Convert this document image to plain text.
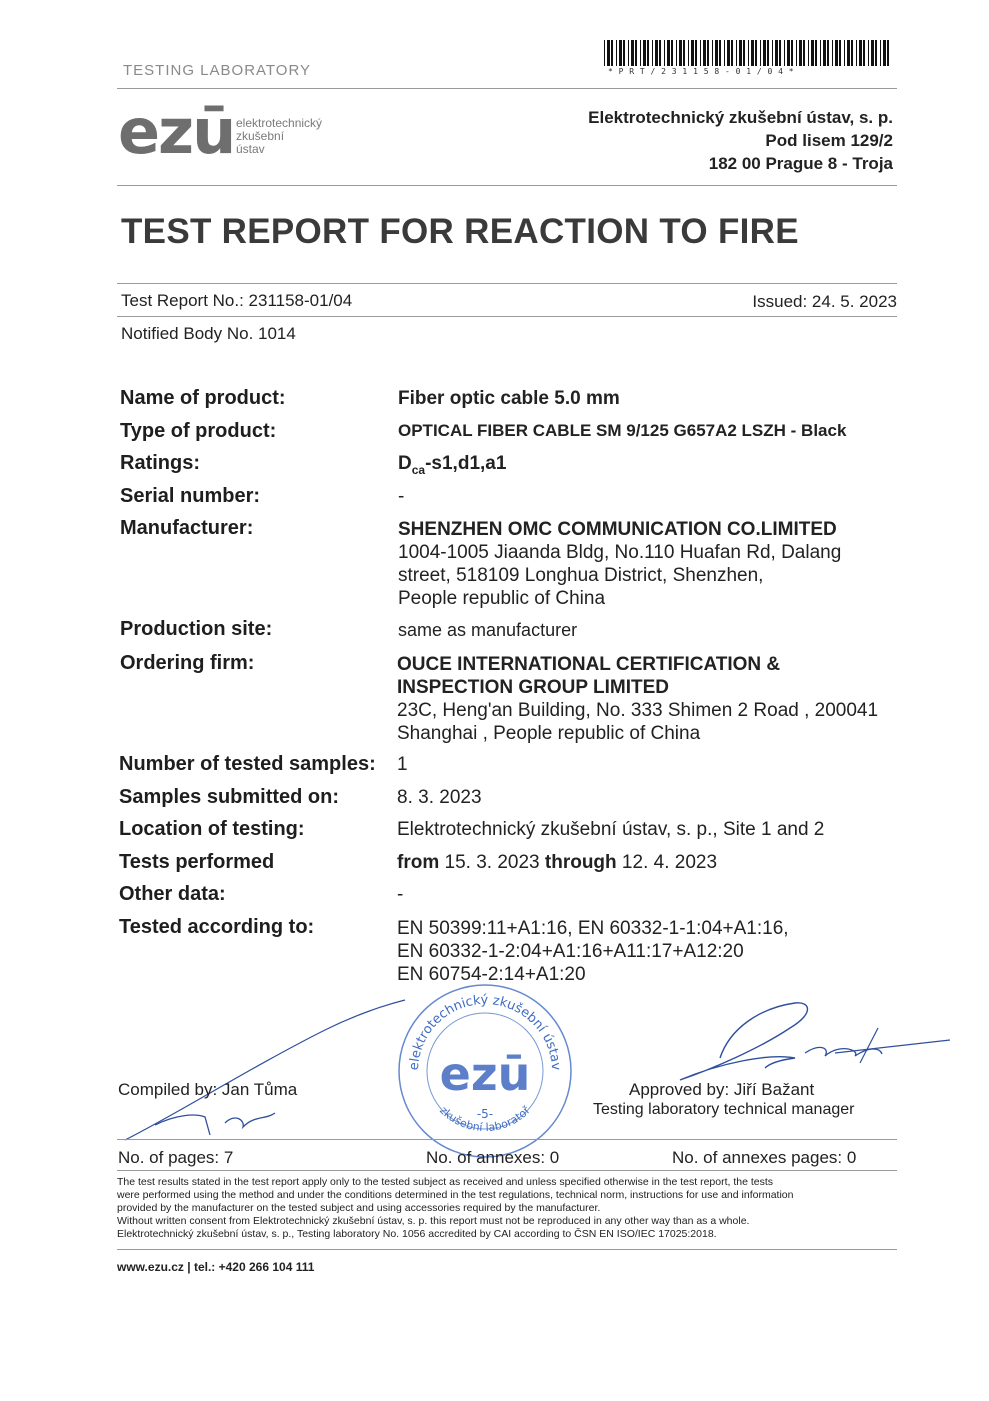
TESTING LABORATORY	* P R T / 2 3 1 1 5 8 - 0 1 / 0 4 *
ezū elektrotechnický
zkušební
ústav
Elektrotechnický zkušební ústav, s. p.
Pod lisem 129/2
182 00 Prague 8 - Troja
TEST REPORT FOR REACTION TO FIRE
Test Report No.: 231158-01/04	Issued: 24. 5. 2023
Notified Body No. 1014
Name of product:	Fiber optic cable 5.0 mm
Type of product:	OPTICAL FIBER CABLE SM 9/125 G657A2 LSZH - Black
Ratings:	$D_{ca}-s1,d1,a1$
Serial number:	-
Manufacturer:	SHENZHEN OMC COMMUNICATION CO.LIMITED
1004-1005 Jiaanda Bldg, No.110 Huafan Rd, Dalang
street, 518109 Longhua District, Shenzhen,
People republic of China
Production site:	same as manufacturer
Ordering firm:	OUCE INTERNATIONAL CERTIFICATION &
INSPECTION GROUP LIMITED
23C, Heng'an Building, No. 333 Shimen 2 Road , 200041
Shanghai , People republic of China
Number of tested samples: 1
Samples submitted on:	8. 3. 2023
Location of testing:	Elektrotechnický zkušební ústav, s. p., Site 1 and 2
Tests performed	from 15. 3. 2023 through 12. 4. 2023
Other data:	-
Tested according to:	EN 50399:11+A1:16, EN 60332-1-1:04+A1:16,
EN 60332-1-2:04+A1:16+A11:17+A12:20
EN 60754-2:14+A1:20
Compiled by: Jan Tůma	Approved by: Jiří Bažant
Testing laboratory technical manager
elektrotechnický zkušební ústav
zkušební laboratoř
ezū
-5-
No. of pages: 7	No. of annexes: 0	No. of annexes pages: 0
The test results stated in the test report apply only to the tested subject as received and unless specified otherwise in the test report, the tests
were performed using the method and under the conditions determined in the test regulations, technical norm, instructions for use and information
provided by the manufacturer on the tested subject and using accessories required by the manufacturer.
Without written consent from Elektrotechnický zkušební ústav, s. p. this report must not be reproduced in any other way than as a whole.
Elektrotechnický zkušební ústav, s. p., Testing laboratory No. 1056 accredited by CAI according to ČSN EN ISO/IEC 17025:2018.
www.ezu.cz | tel.: +420 266 104 111
